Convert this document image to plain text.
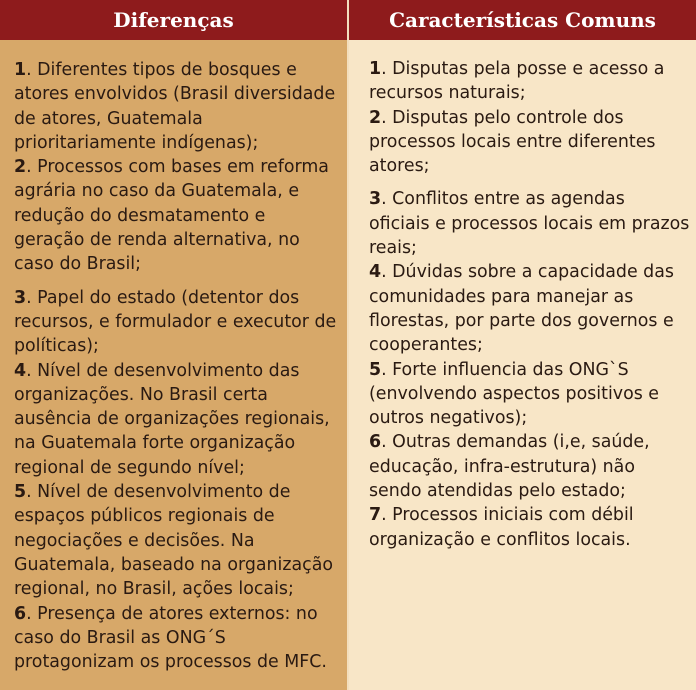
Diferenças	Características Comuns

1. Diferentes tipos de bosques e atores envolvidos (Brasil diversidade de atores, Guatemala prioritariamente indígenas);

2. Processos com bases em reforma agrária no caso da Guatemala, e redução do desmatamento e geração de renda alternativa, no caso do Brasil;

3. Papel do estado (detentor dos recursos, e formulador e executor de políticas);

4. Nível de desenvolvimento das organizações. No Brasil certa ausência de organizações regionais, na Guatemala forte organização regional de segundo nível;

5. Nível de desenvolvimento de espaços públicos regionais de negociações e decisões. Na Guatemala, baseado na organização regional, no Brasil, ações locais;

6. Presença de atores externos: no caso do Brasil as ONG´S protagonizam os processos de MFC.

1. Disputas pela posse e acesso a recursos naturais;

2. Disputas pelo controle dos processos locais entre diferentes atores;

3. Conflitos entre as agendas oficiais e processos locais em prazos reais;

4. Dúvidas sobre a capacidade das comunidades para manejar as florestas, por parte dos governos e cooperantes;

5. Forte influencia das ONG`S (envolvendo aspectos positivos e outros negativos);

6. Outras demandas (i,e, saúde, educação, infra-estrutura) não sendo atendidas pelo estado;

7. Processos iniciais com débil organização e conflitos locais.
